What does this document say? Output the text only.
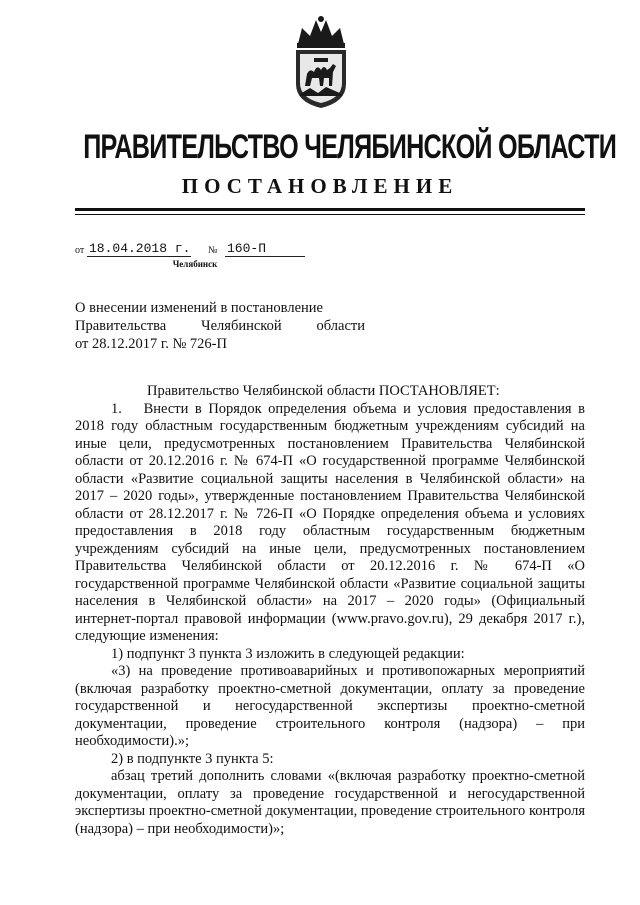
ПРАВИТЕЛЬСТВО ЧЕЛЯБИНСКОЙ ОБЛАСТИ
ПОСТАНОВЛЕНИЕ
от 18.04.2018 г. № 160-П
Челябинск
О внесении изменений в постановление
Правительства Челябинской области
от 28.12.2017 г. № 726-П

Правительство Челябинской области ПОСТАНОВЛЯЕТ:

1.  Внести в Порядок определения объема и условия предоставления в 2018 году областным государственным бюджетным учреждениям субсидий на иные цели, предусмотренных постановлением Правительства Челябинской области от 20.12.2016 г. № 674-П «О государственной программе Челябинской области «Развитие социальной защиты населения в Челябинской области» на 2017 – 2020 годы», утвержденные постановлением Правительства Челябинской области от 28.12.2017 г. № 726-П «О Порядке определения объема и условиях предоставления в 2018 году областным государственным бюджетным учреждениям субсидий на иные цели, предусмотренных постановлением Правительства Челябинской области от 20.12.2016 г. № 674-П «О государственной программе Челябинской области «Развитие социальной защиты населения в Челябинской области» на 2017 – 2020 годы» (Официальный интернет-портал правовой информации (www.pravo.gov.ru), 29 декабря 2017 г.), следующие изменения:

1) подпункт 3 пункта 3 изложить в следующей редакции:

«3) на проведение противоаварийных и противопожарных мероприятий (включая разработку проектно-сметной документации, оплату за проведение государственной и негосударственной экспертизы проектно-сметной документации, проведение строительного контроля (надзора) – при необходимости).»;

2) в подпункте 3 пункта 5:

абзац третий дополнить словами «(включая разработку проектно-сметной документации, оплату за проведение государственной и негосударственной экспертизы проектно-сметной документации, проведение строительного контроля (надзора) – при необходимости)»;
